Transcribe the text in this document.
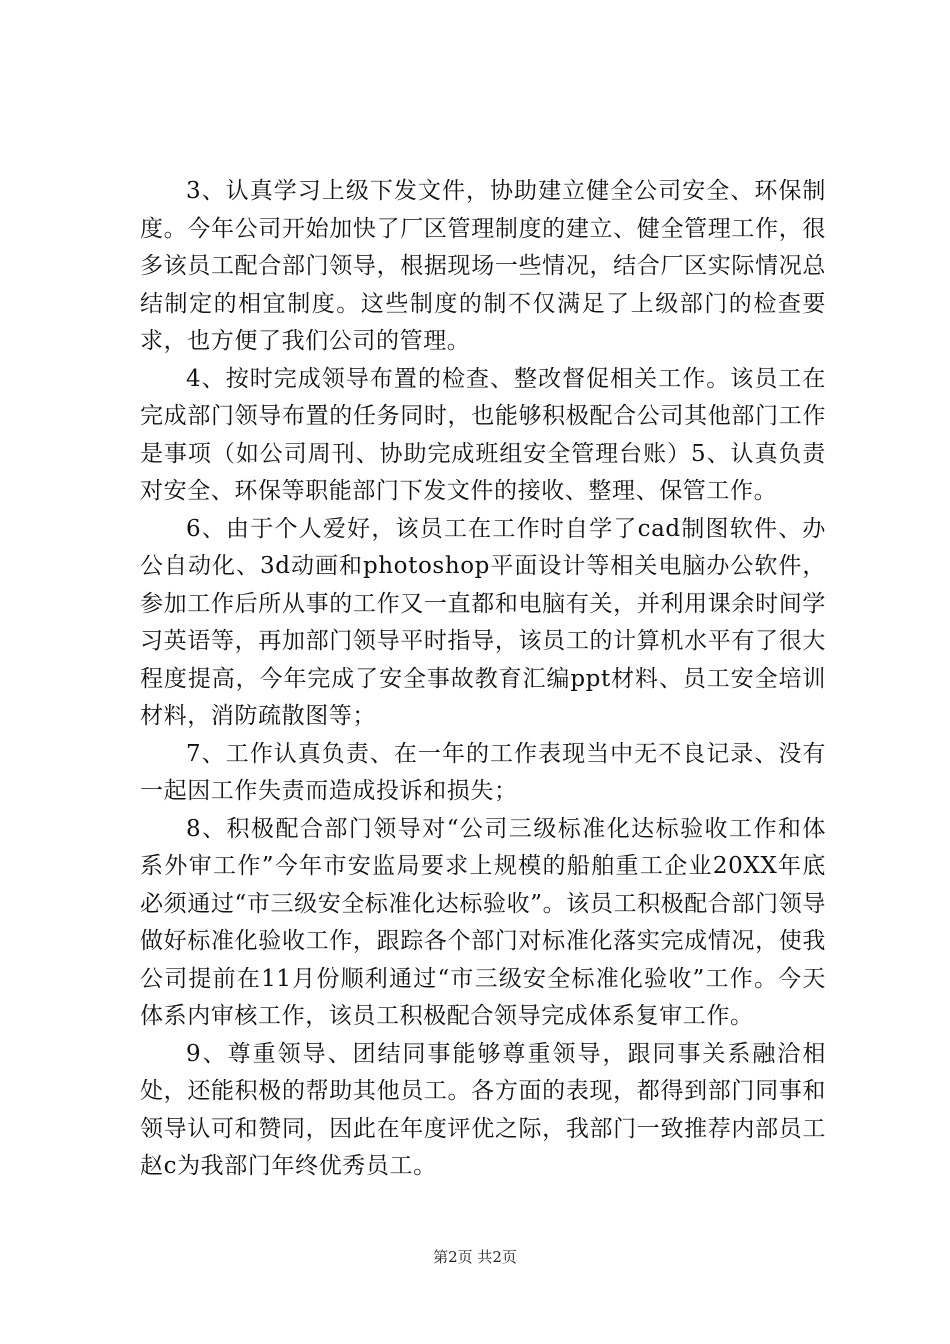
3、认真学习上级下发文件，协助建立健全公司安全、环保制度。今年公司开始加快了厂区管理制度的建立、健全管理工作，很多该员工配合部门领导，根据现场一些情况，结合厂区实际情况总结制定的相宜制度。这些制度的制不仅满足了上级部门的检查要求，也方便了我们公司的管理。

4、按时完成领导布置的检查、整改督促相关工作。该员工在完成部门领导布置的任务同时，也能够积极配合公司其他部门工作是事项（如公司周刊、协助完成班组安全管理台账）5、认真负责对安全、环保等职能部门下发文件的接收、整理、保管工作。

6、由于个人爱好，该员工在工作时自学了cad制图软件、办公自动化、3d动画和photoshop平面设计等相关电脑办公软件，参加工作后所从事的工作又一直都和电脑有关，并利用课余时间学习英语等，再加部门领导平时指导，该员工的计算机水平有了很大程度提高，今年完成了安全事故教育汇编ppt材料、员工安全培训材料，消防疏散图等；

7、工作认真负责、在一年的工作表现当中无不良记录、没有一起因工作失责而造成投诉和损失；

8、积极配合部门领导对“公司三级标准化达标验收工作和体系外审工作”今年市安监局要求上规模的船舶重工企业20XX年底必须通过“市三级安全标准化达标验收”。该员工积极配合部门领导做好标准化验收工作，跟踪各个部门对标准化落实完成情况，使我公司提前在11月份顺利通过“市三级安全标准化验收”工作。今天体系内审核工作，该员工积极配合领导完成体系复审工作。

9、尊重领导、团结同事能够尊重领导，跟同事关系融洽相处，还能积极的帮助其他员工。各方面的表现，都得到部门同事和领导认可和赞同，因此在年度评优之际，我部门一致推荐内部员工赵c为我部门年终优秀员工。

第2页 共2页
